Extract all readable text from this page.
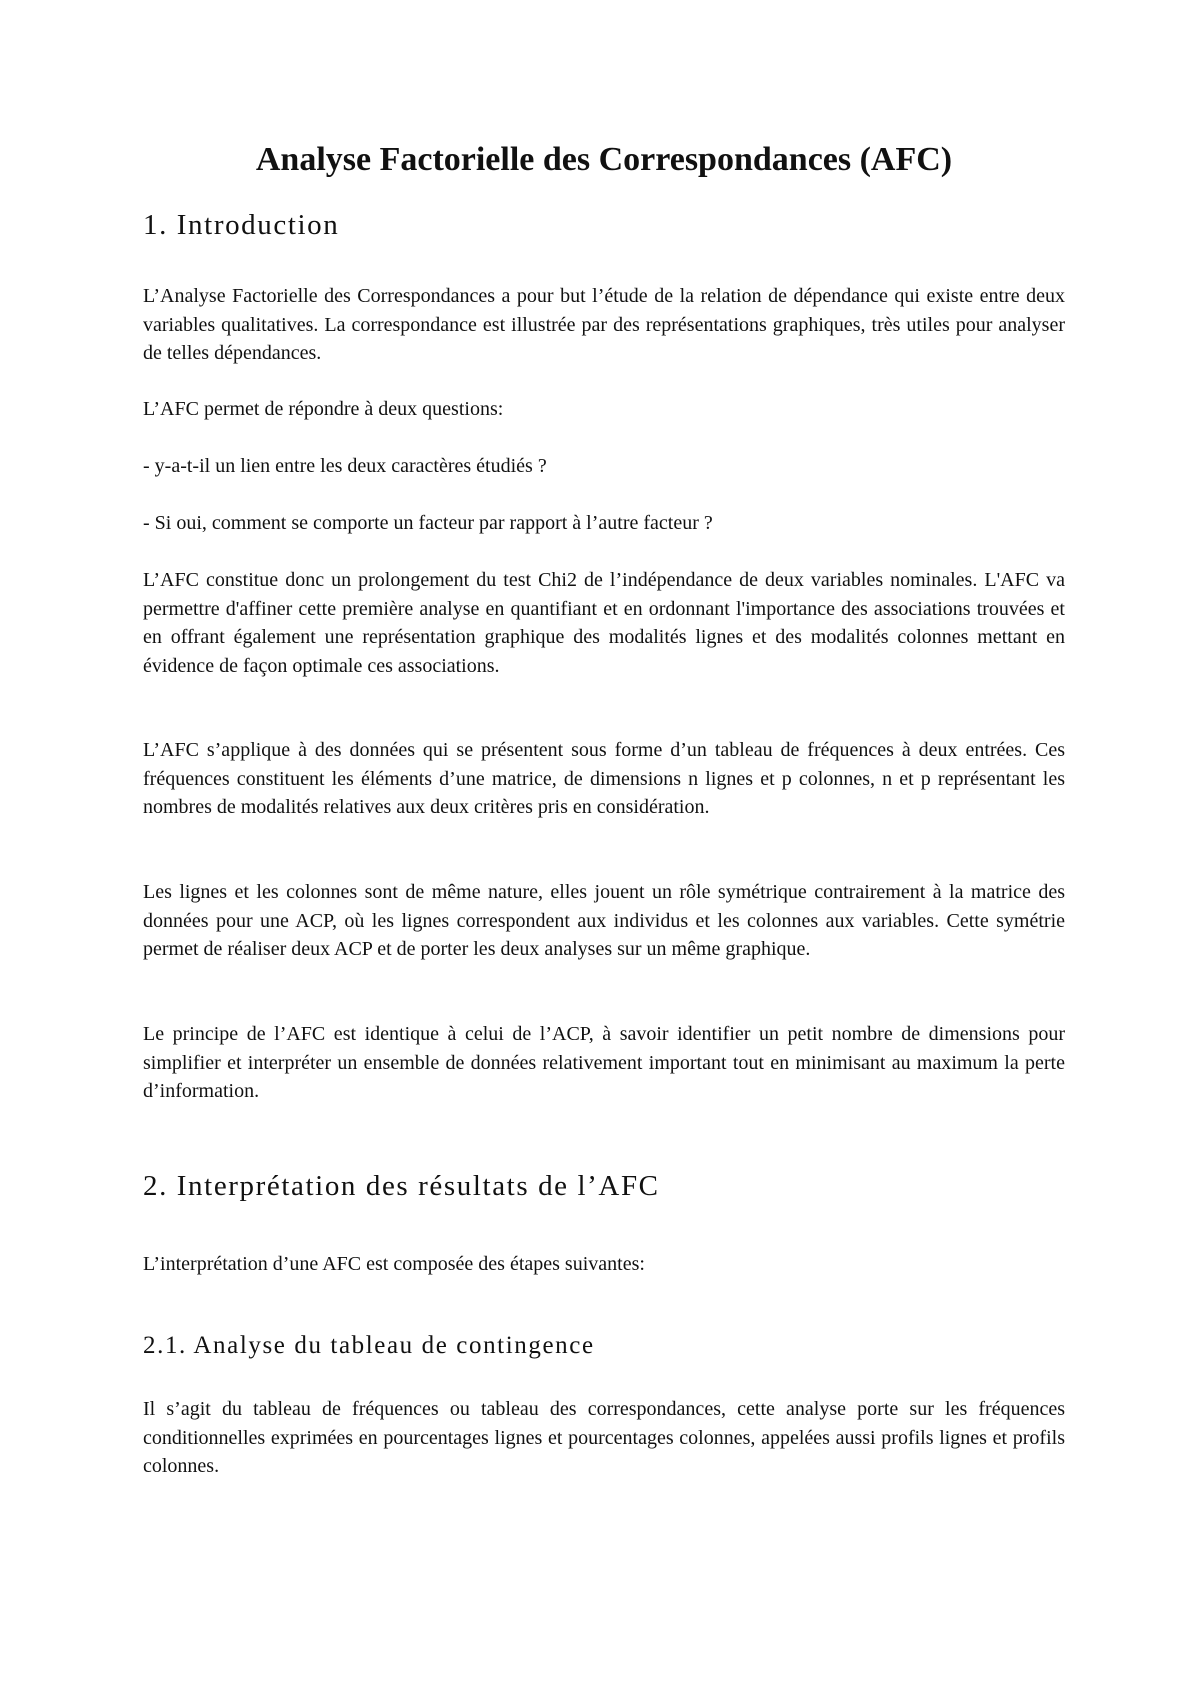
Analyse Factorielle des Correspondances (AFC)
1. Introduction

L’Analyse Factorielle des Correspondances a pour but l’étude de la relation de dépendance qui existe entre deux variables qualitatives. La correspondance est illustrée par des représentations graphiques, très utiles pour analyser de telles dépendances.

L’AFC permet de répondre à deux questions:

- y-a-t-il un lien entre les deux caractères étudiés ?

- Si oui, comment se comporte un facteur par rapport à l’autre facteur ?

L’AFC constitue donc un prolongement du test Chi2 de l’indépendance de deux variables nominales. L'AFC va permettre d'affiner cette première analyse en quantifiant et en ordonnant l'importance des associations trouvées et en offrant également une représentation graphique des modalités lignes et des modalités colonnes mettant en évidence de façon optimale ces associations.

L’AFC s’applique à des données qui se présentent sous forme d’un tableau de fréquences à deux entrées. Ces fréquences constituent les éléments d’une matrice, de dimensions n lignes et p colonnes, n et p représentant les nombres de modalités relatives aux deux critères pris en considération.

Les lignes et les colonnes sont de même nature, elles jouent un rôle symétrique contrairement à la matrice des données pour une ACP, où les lignes correspondent aux individus et les colonnes aux variables. Cette symétrie permet de réaliser deux ACP et de porter les deux analyses sur un même graphique.

Le principe de l’AFC est identique à celui de l’ACP, à savoir identifier un petit nombre de dimensions pour simplifier et interpréter un ensemble de données relativement important tout en minimisant au maximum la perte d’information.

2. Interprétation des résultats de l’AFC

L’interprétation d’une AFC est composée des étapes suivantes:

2.1. Analyse du tableau de contingence

Il s’agit du tableau de fréquences ou tableau des correspondances, cette analyse porte sur les fréquences conditionnelles exprimées en pourcentages lignes et pourcentages colonnes, appelées aussi profils lignes et profils colonnes.
